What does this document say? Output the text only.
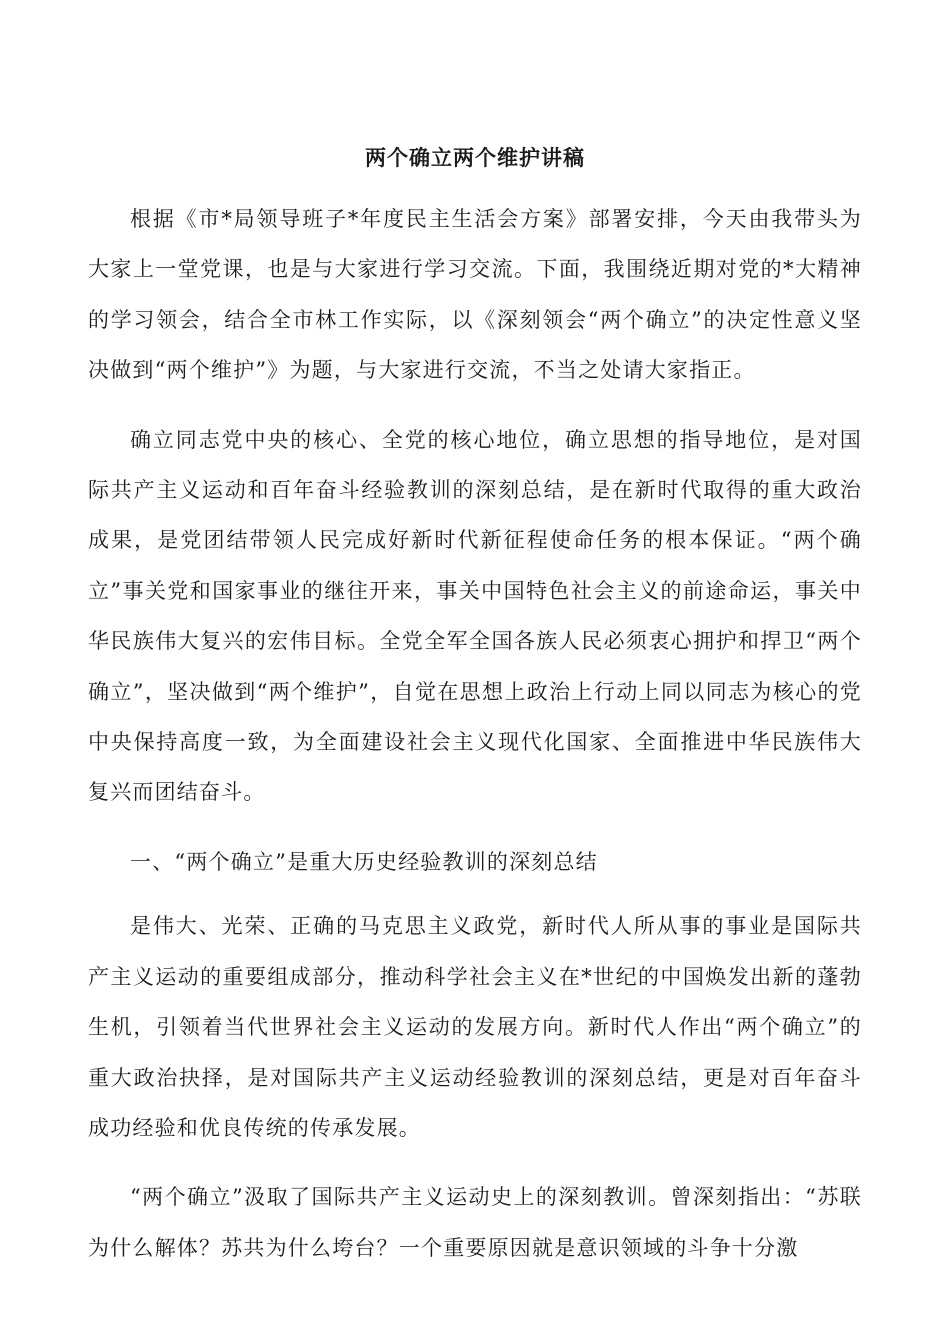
两个确立两个维护讲稿

根据《市*局领导班子*年度民主生活会方案》部署安排，今天由我带头为大家上一堂党课，也是与大家进行学习交流。下面，我围绕近期对党的*大精神的学习领会，结合全市林工作实际，以《深刻领会“两个确立”的决定性意义坚决做到“两个维护”》为题，与大家进行交流，不当之处请大家指正。

确立同志党中央的核心、全党的核心地位，确立思想的指导地位，是对国际共产主义运动和百年奋斗经验教训的深刻总结，是在新时代取得的重大政治成果，是党团结带领人民完成好新时代新征程使命任务的根本保证。“两个确立”事关党和国家事业的继往开来，事关中国特色社会主义的前途命运，事关中华民族伟大复兴的宏伟目标。全党全军全国各族人民必须衷心拥护和捍卫“两个确立”，坚决做到“两个维护”，自觉在思想上政治上行动上同以同志为核心的党中央保持高度一致，为全面建设社会主义现代化国家、全面推进中华民族伟大复兴而团结奋斗。

一、“两个确立”是重大历史经验教训的深刻总结

是伟大、光荣、正确的马克思主义政党，新时代人所从事的事业是国际共产主义运动的重要组成部分，推动科学社会主义在*世纪的中国焕发出新的蓬勃生机，引领着当代世界社会主义运动的发展方向。新时代人作出“两个确立”的重大政治抉择，是对国际共产主义运动经验教训的深刻总结，更是对百年奋斗成功经验和优良传统的传承发展。

“两个确立”汲取了国际共产主义运动史上的深刻教训。曾深刻指出：“苏联为什么解体？苏共为什么垮台？一个重要原因就是意识领域的斗争十分激
